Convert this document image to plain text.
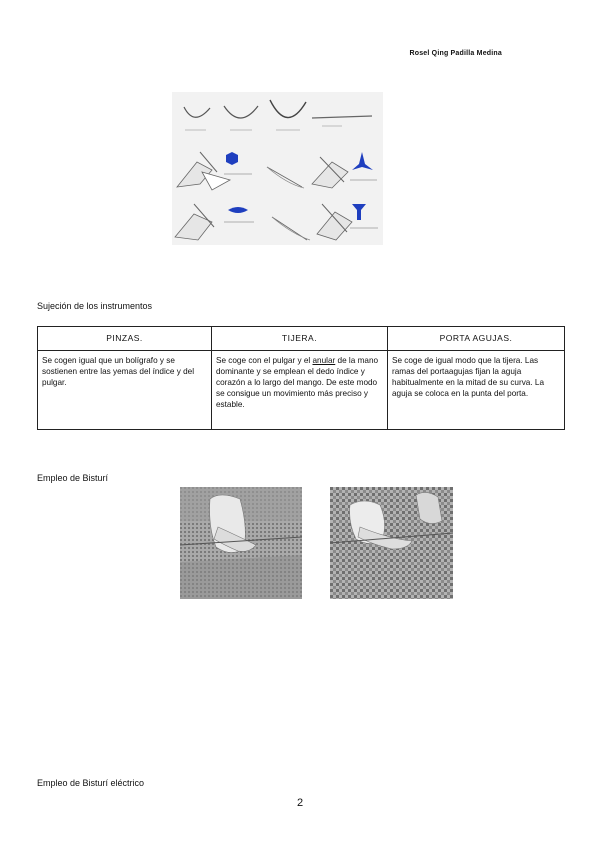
Rosel Qing Padilla Medina
Sujeción de los instrumentos
PINZAS.	TIJERA.	PORTA AGUJAS.
Se cogen igual que un bolígrafo y se sostienen entre las yemas del índice y del pulgar.	Se coge con el pulgar y el anular de la mano dominante y se emplean el dedo índice y corazón a lo largo del mango. De este modo se consigue un movimiento más preciso y estable.	Se coge de igual modo que la tijera. Las ramas del portaagujas fijan la aguja habitualmente en la mitad de su curva. La aguja se coloca en la punta del porta.
Empleo de Bisturí
Empleo de Bisturí eléctrico
2
